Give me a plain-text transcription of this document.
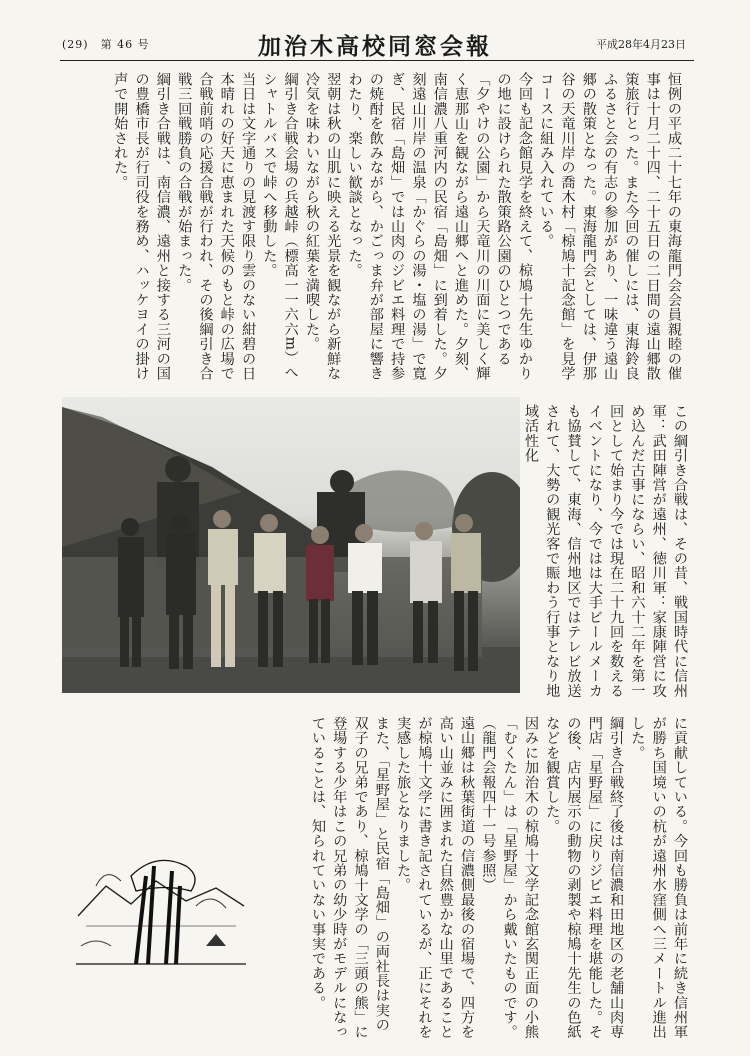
(29)　第 46 号	加治木高校同窓会報	平成28年4月23日
恒例の平成二十七年の東海龍門会会員親睦の催事は十月二十四、二十五日の二日間の遠山郷散策旅行とった。また今回の催しには、東海鈴良ふるさと会の有志の参加があり、一味違う遠山郷の散策となった。東海龍門会としては、伊那谷の天竜川岸の喬木村「椋鳩十記念館」を見学コースに組み入れている。
今回も記念館見学を終えて、椋鳩十先生ゆかりの地に設けられた散策路公園のひとつである「夕やけの公園」から天竜川の川面に美しく輝く恵那山を観ながら遠山郷へと進めた。夕刻、南信濃八重河内の民宿「島畑」に到着した。夕刻遠山川岸の温泉「かぐらの湯・塩の湯」で寛ぎ、民宿「島畑」では山肉のジビエ料理で持参の焼酎を飲みながら、かごっま弁が部屋に響きわたり、楽しい歓談となった。
翌朝は秋の山肌に映える光景を観ながら新鮮な冷気を味わいながら秋の紅葉を満喫した。
綱引き合戦会場の兵越峠（標高一一六六m）へシャトルバスで峠へ移動した。
当日は文字通りの見渡す限り雲のない紺碧の日本晴れの好天に恵まれた天候のもと峠の広場で合戦前哨の応援合戦が行われ、その後綱引き合戦三回戦勝負の合戦が始まった。
綱引き合戦は、南信濃、遠州と接する三河の国の豊橋市長が行司役を務め、ハッケヨイの掛け声で開始された。
この綱引き合戦は、その昔、戦国時代に信州軍：武田陣営が遠州、徳川軍：家康陣営に攻め込んだ古事にならい、昭和六十二年を第一回として始まり今では現在二十九回を数えるイベントになり、今ではは大手ビールメーカも協賛して、東海、信州地区ではテレビ放送されて、大勢の観光客で賑わう行事となり地域活性化
に貢献している。今回も勝負は前年に続き信州軍が勝ち国境いの杭が遠州水窪側へ三メートル進出した。
綱引き合戦終了後は南信濃和田地区の老舗山肉専門店「星野屋」に戻りジビエ料理を堪能した。その後、店内展示の動物の剥製や椋鳩十先生の色紙などを観賞した。
因みに加治木の椋鳩十文学記念館玄関正面の小熊「むくたん」は「星野屋」から戴いたものです。（龍門会報四十一号参照）
遠山郷は秋葉街道の信濃側最後の宿場で、四方を高い山並みに囲まれた自然豊かな山里であることが椋鳩十文学に書き記されているが、正にそれを実感した旅となりました。
また、「星野屋」と民宿「島畑」の両社長は実の双子の兄弟であり、椋鳩十文学の「三頭の熊」に登場する少年はこの兄弟の幼少時がモデルになっていることは、知られていない事実である。
